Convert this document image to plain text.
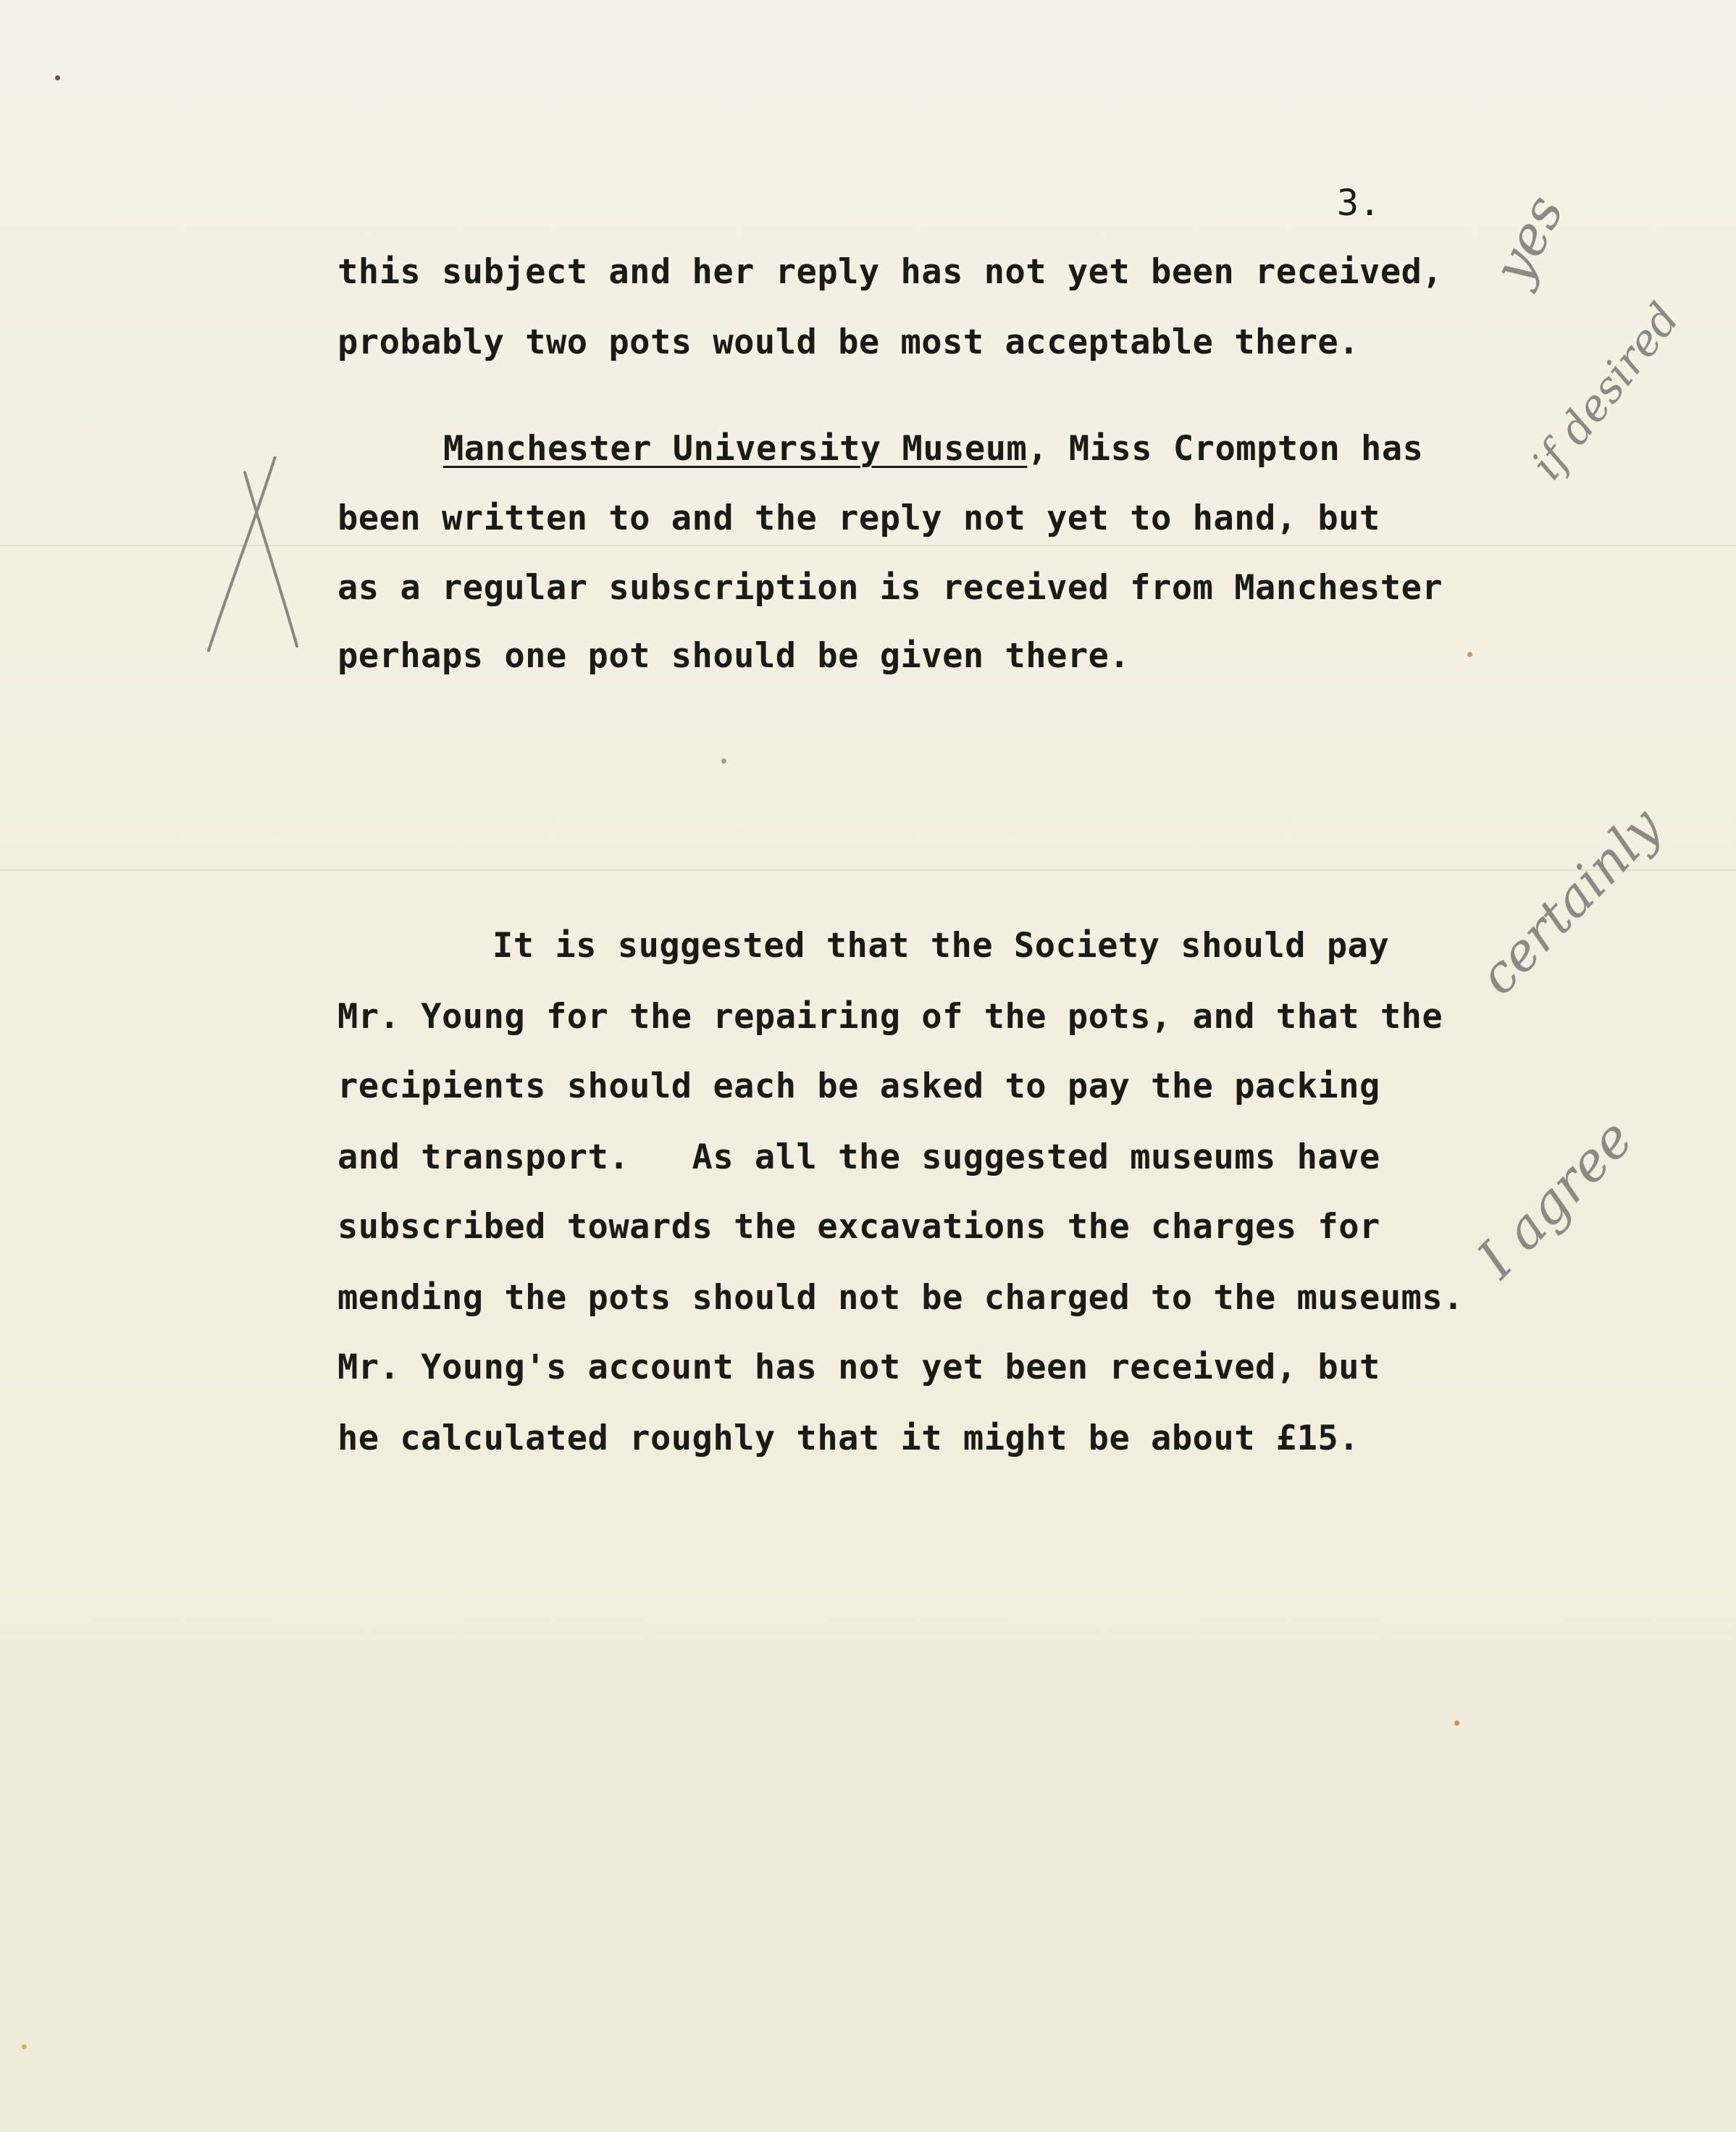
3.
this subject and her reply has not yet been received,
probably two pots would be most acceptable there.
Manchester University Museum, Miss Crompton has
been written to and the reply not yet to hand, but
as a regular subscription is received from Manchester
perhaps one pot should be given there.
It is suggested that the Society should pay
Mr. Young for the repairing of the pots, and that the
recipients should each be asked to pay the packing
and transport.   As all the suggested museums have
subscribed towards the excavations the charges for
mending the pots should not be charged to the museums.
Mr. Young's account has not yet been received, but
he calculated roughly that it might be about £15.
yes
if desired
certainly
I agree
